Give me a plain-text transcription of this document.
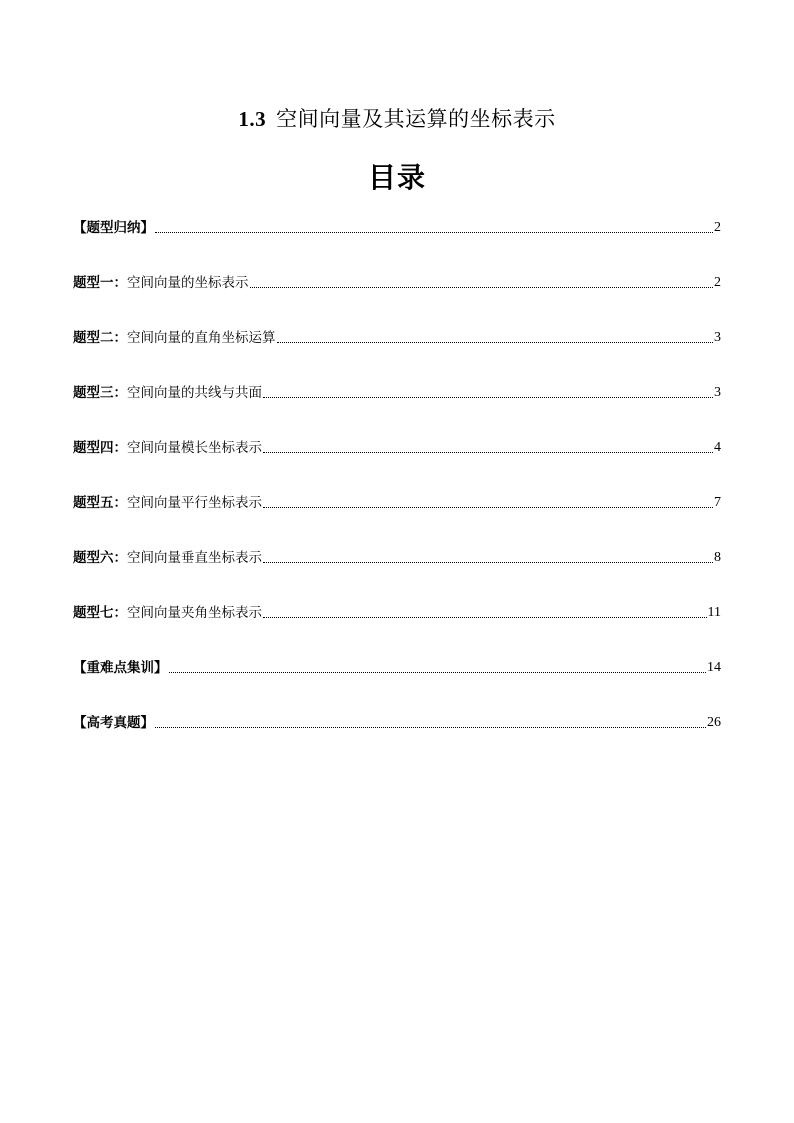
1.3 空间向量及其运算的坐标表示
目录
【题型归纳】	2
题型一：空间向量的坐标表示	2
题型二：空间向量的直角坐标运算	3
题型三：空间向量的共线与共面	3
题型四：空间向量模长坐标表示	4
题型五：空间向量平行坐标表示	7
题型六：空间向量垂直坐标表示	8
题型七：空间向量夹角坐标表示	11
【重难点集训】	14
【高考真题】	26
